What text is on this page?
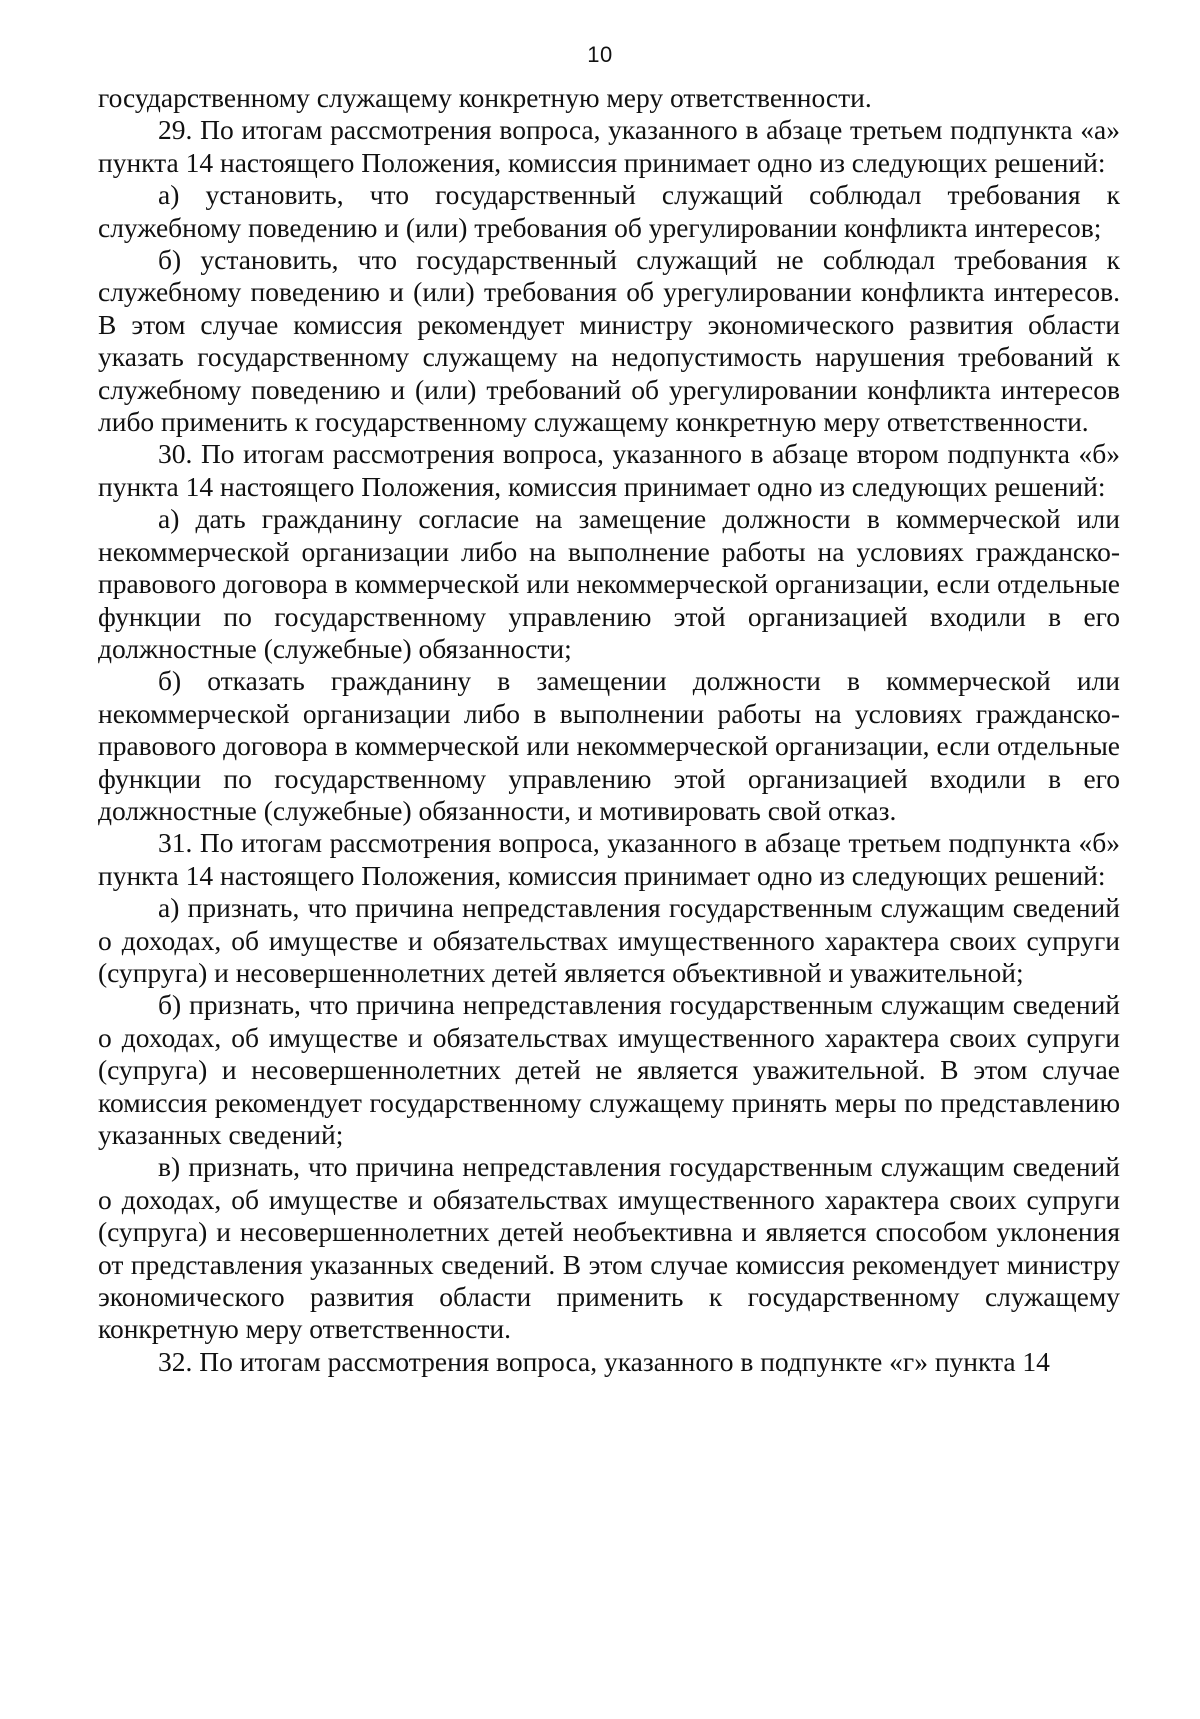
10

государственному служащему конкретную меру ответственности.

29. По итогам рассмотрения вопроса, указанного в абзаце третьем подпункта «а» пункта 14 настоящего Положения, комиссия принимает одно из следующих решений:

а) установить, что государственный служащий соблюдал требования к служебному поведению и (или) требования об урегулировании конфликта интересов;

б) установить, что государственный служащий не соблюдал требования к служебному поведению и (или) требования об урегулировании конфликта интересов. В этом случае комиссия рекомендует министру экономического развития области указать государственному служащему на недопустимость нарушения требований к служебному поведению и (или) требований об урегулировании конфликта интересов либо применить к государственному служащему конкретную меру ответственности.

30. По итогам рассмотрения вопроса, указанного в абзаце втором подпункта «б» пункта 14 настоящего Положения, комиссия принимает одно из следующих решений:

а) дать гражданину согласие на замещение должности в коммерческой или некоммерческой организации либо на выполнение работы на условиях гражданско-правового договора в коммерческой или некоммерческой организации, если отдельные функции по государственному управлению этой организацией входили в его должностные (служебные) обязанности;

б) отказать гражданину в замещении должности в коммерческой или некоммерческой организации либо в выполнении работы на условиях гражданско-правового договора в коммерческой или некоммерческой организации, если отдельные функции по государственному управлению этой организацией входили в его должностные (служебные) обязанности, и мотивировать свой отказ.

31. По итогам рассмотрения вопроса, указанного в абзаце третьем подпункта «б» пункта 14 настоящего Положения, комиссия принимает одно из следующих решений:

а) признать, что причина непредставления государственным служащим сведений о доходах, об имуществе и обязательствах имущественного характера своих супруги (супруга) и несовершеннолетних детей является объективной и уважительной;

б) признать, что причина непредставления государственным служащим сведений о доходах, об имуществе и обязательствах имущественного характера своих супруги (супруга) и несовершеннолетних детей не является уважительной. В этом случае комиссия рекомендует государственному служащему принять меры по представлению указанных сведений;

в) признать, что причина непредставления государственным служащим сведений о доходах, об имуществе и обязательствах имущественного характера своих супруги (супруга) и несовершеннолетних детей необъективна и является способом уклонения от представления указанных сведений. В этом случае комиссия рекомендует министру экономического развития области применить к государственному служащему конкретную меру ответственности.

32. По итогам рассмотрения вопроса, указанного в подпункте «г» пункта 14
